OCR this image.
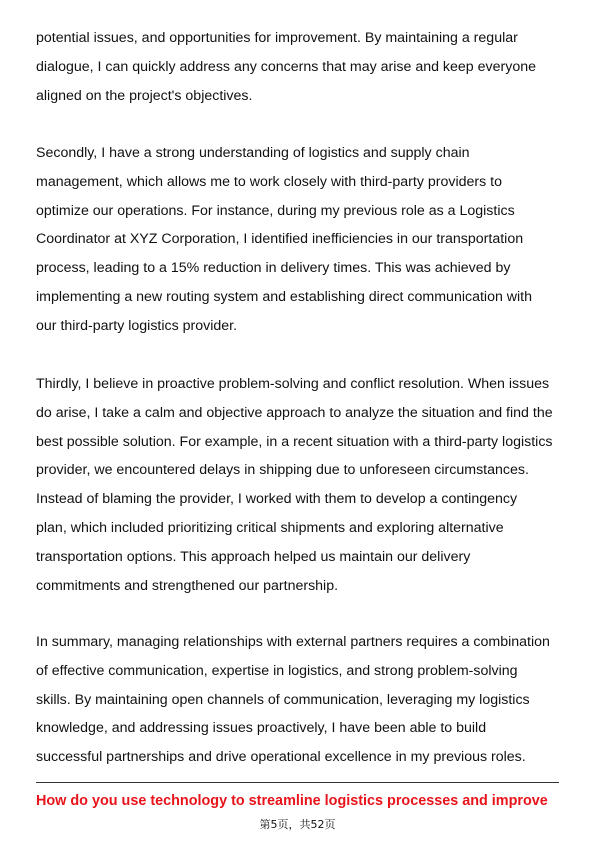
potential issues, and opportunities for improvement. By maintaining a regular
dialogue, I can quickly address any concerns that may arise and keep everyone
aligned on the project's objectives.

Secondly, I have a strong understanding of logistics and supply chain
management, which allows me to work closely with third-party providers to
optimize our operations. For instance, during my previous role as a Logistics
Coordinator at XYZ Corporation, I identified inefficiencies in our transportation
process, leading to a 15% reduction in delivery times. This was achieved by
implementing a new routing system and establishing direct communication with
our third-party logistics provider.

Thirdly, I believe in proactive problem-solving and conflict resolution. When issues
do arise, I take a calm and objective approach to analyze the situation and find the
best possible solution. For example, in a recent situation with a third-party logistics
provider, we encountered delays in shipping due to unforeseen circumstances.
Instead of blaming the provider, I worked with them to develop a contingency
plan, which included prioritizing critical shipments and exploring alternative
transportation options. This approach helped us maintain our delivery
commitments and strengthened our partnership.

In summary, managing relationships with external partners requires a combination
of effective communication, expertise in logistics, and strong problem-solving
skills. By maintaining open channels of communication, leveraging my logistics
knowledge, and addressing issues proactively, I have been able to build
successful partnerships and drive operational excellence in my previous roles.

How do you use technology to streamline logistics processes and improve

第5页，共52页
